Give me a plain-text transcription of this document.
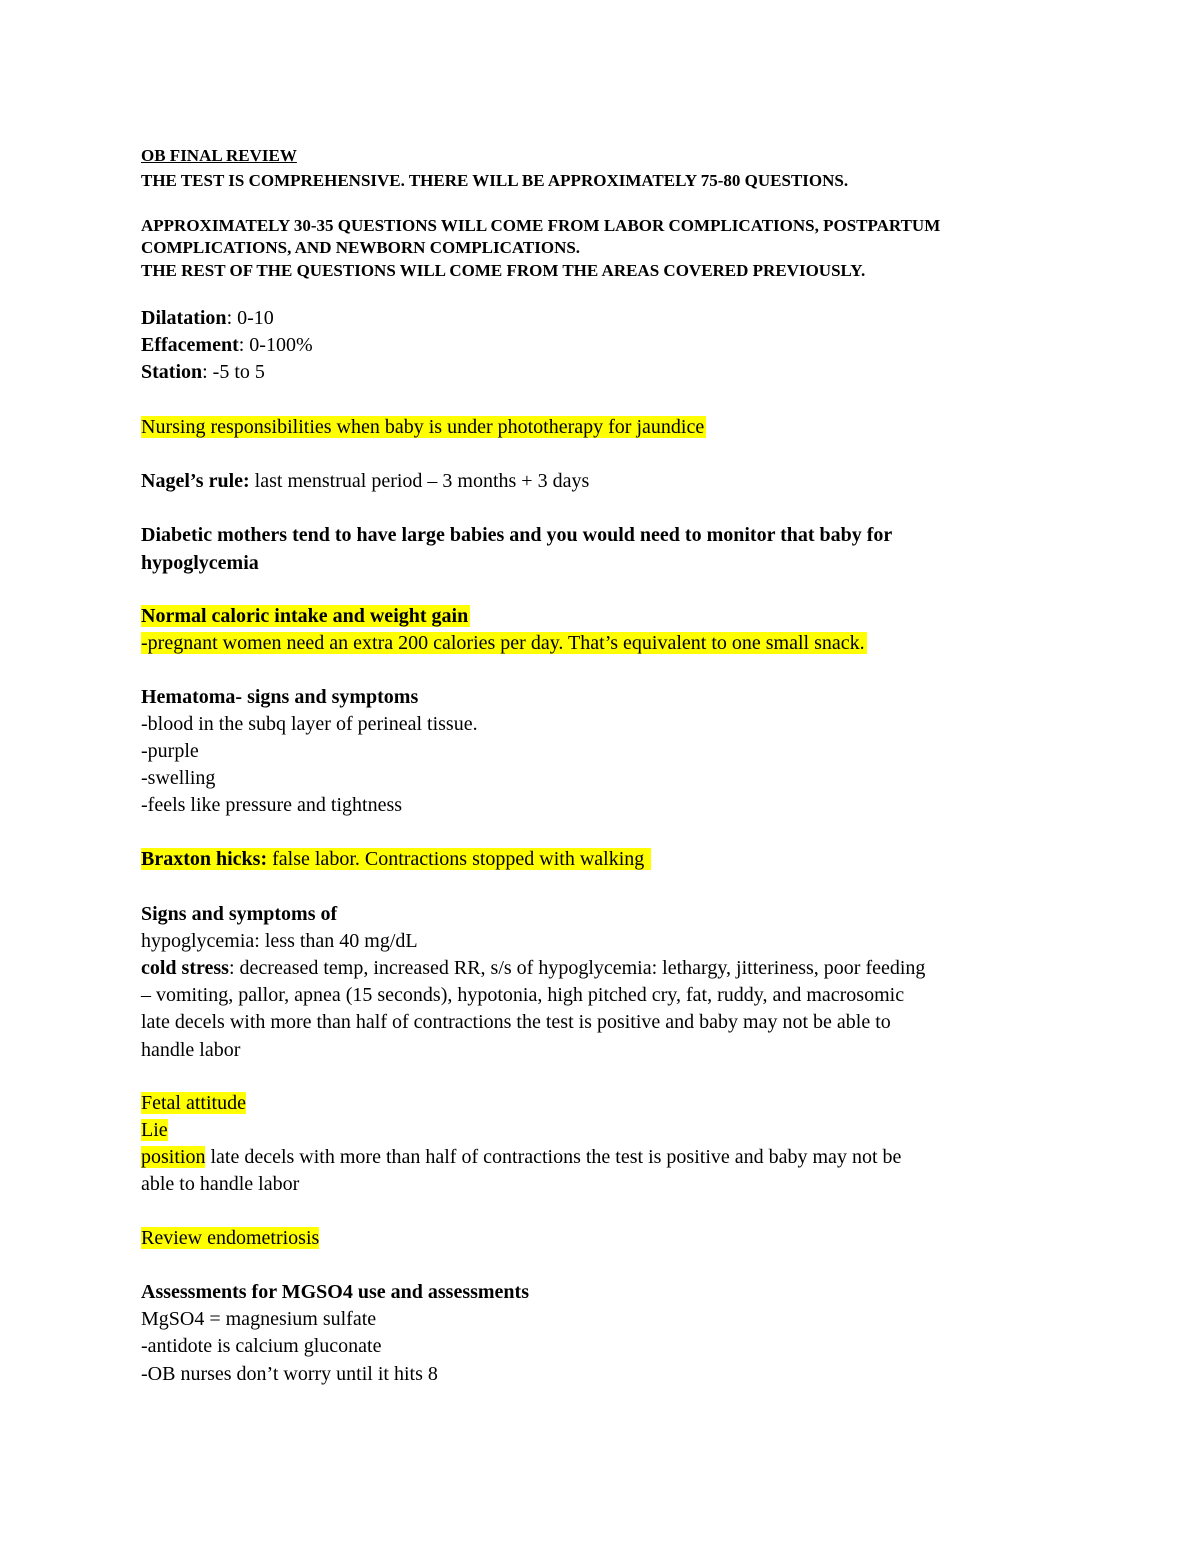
OB FINAL REVIEW
THE TEST IS COMPREHENSIVE. THERE WILL BE APPROXIMATELY 75-80 QUESTIONS.
APPROXIMATELY 30-35 QUESTIONS WILL COME FROM LABOR COMPLICATIONS, POSTPARTUM
COMPLICATIONS, AND NEWBORN COMPLICATIONS.
THE REST OF THE QUESTIONS WILL COME FROM THE AREAS COVERED PREVIOUSLY.
Dilatation: 0-10
Effacement: 0-100%
Station: -5 to 5
Nursing responsibilities when baby is under phototherapy for jaundice
Nagel’s rule: last menstrual period – 3 months + 3 days
Diabetic mothers tend to have large babies and you would need to monitor that baby for
hypoglycemia
Normal caloric intake and weight gain
-pregnant women need an extra 200 calories per day. That’s equivalent to one small snack.
Hematoma- signs and symptoms
-blood in the subq layer of perineal tissue.
-purple
-swelling
-feels like pressure and tightness
Braxton hicks: false labor. Contractions stopped with walking
Signs and symptoms of
hypoglycemia: less than 40 mg/dL
cold stress: decreased temp, increased RR, s/s of hypoglycemia: lethargy, jitteriness, poor feeding
– vomiting, pallor, apnea (15 seconds), hypotonia, high pitched cry, fat, ruddy, and macrosomic
late decels with more than half of contractions the test is positive and baby may not be able to
handle labor
Fetal attitude
Lie
position late decels with more than half of contractions the test is positive and baby may not be
able to handle labor
Review endometriosis
Assessments for MGSO4 use and assessments
MgSO4 = magnesium sulfate
-antidote is calcium gluconate
-OB nurses don’t worry until it hits 8
